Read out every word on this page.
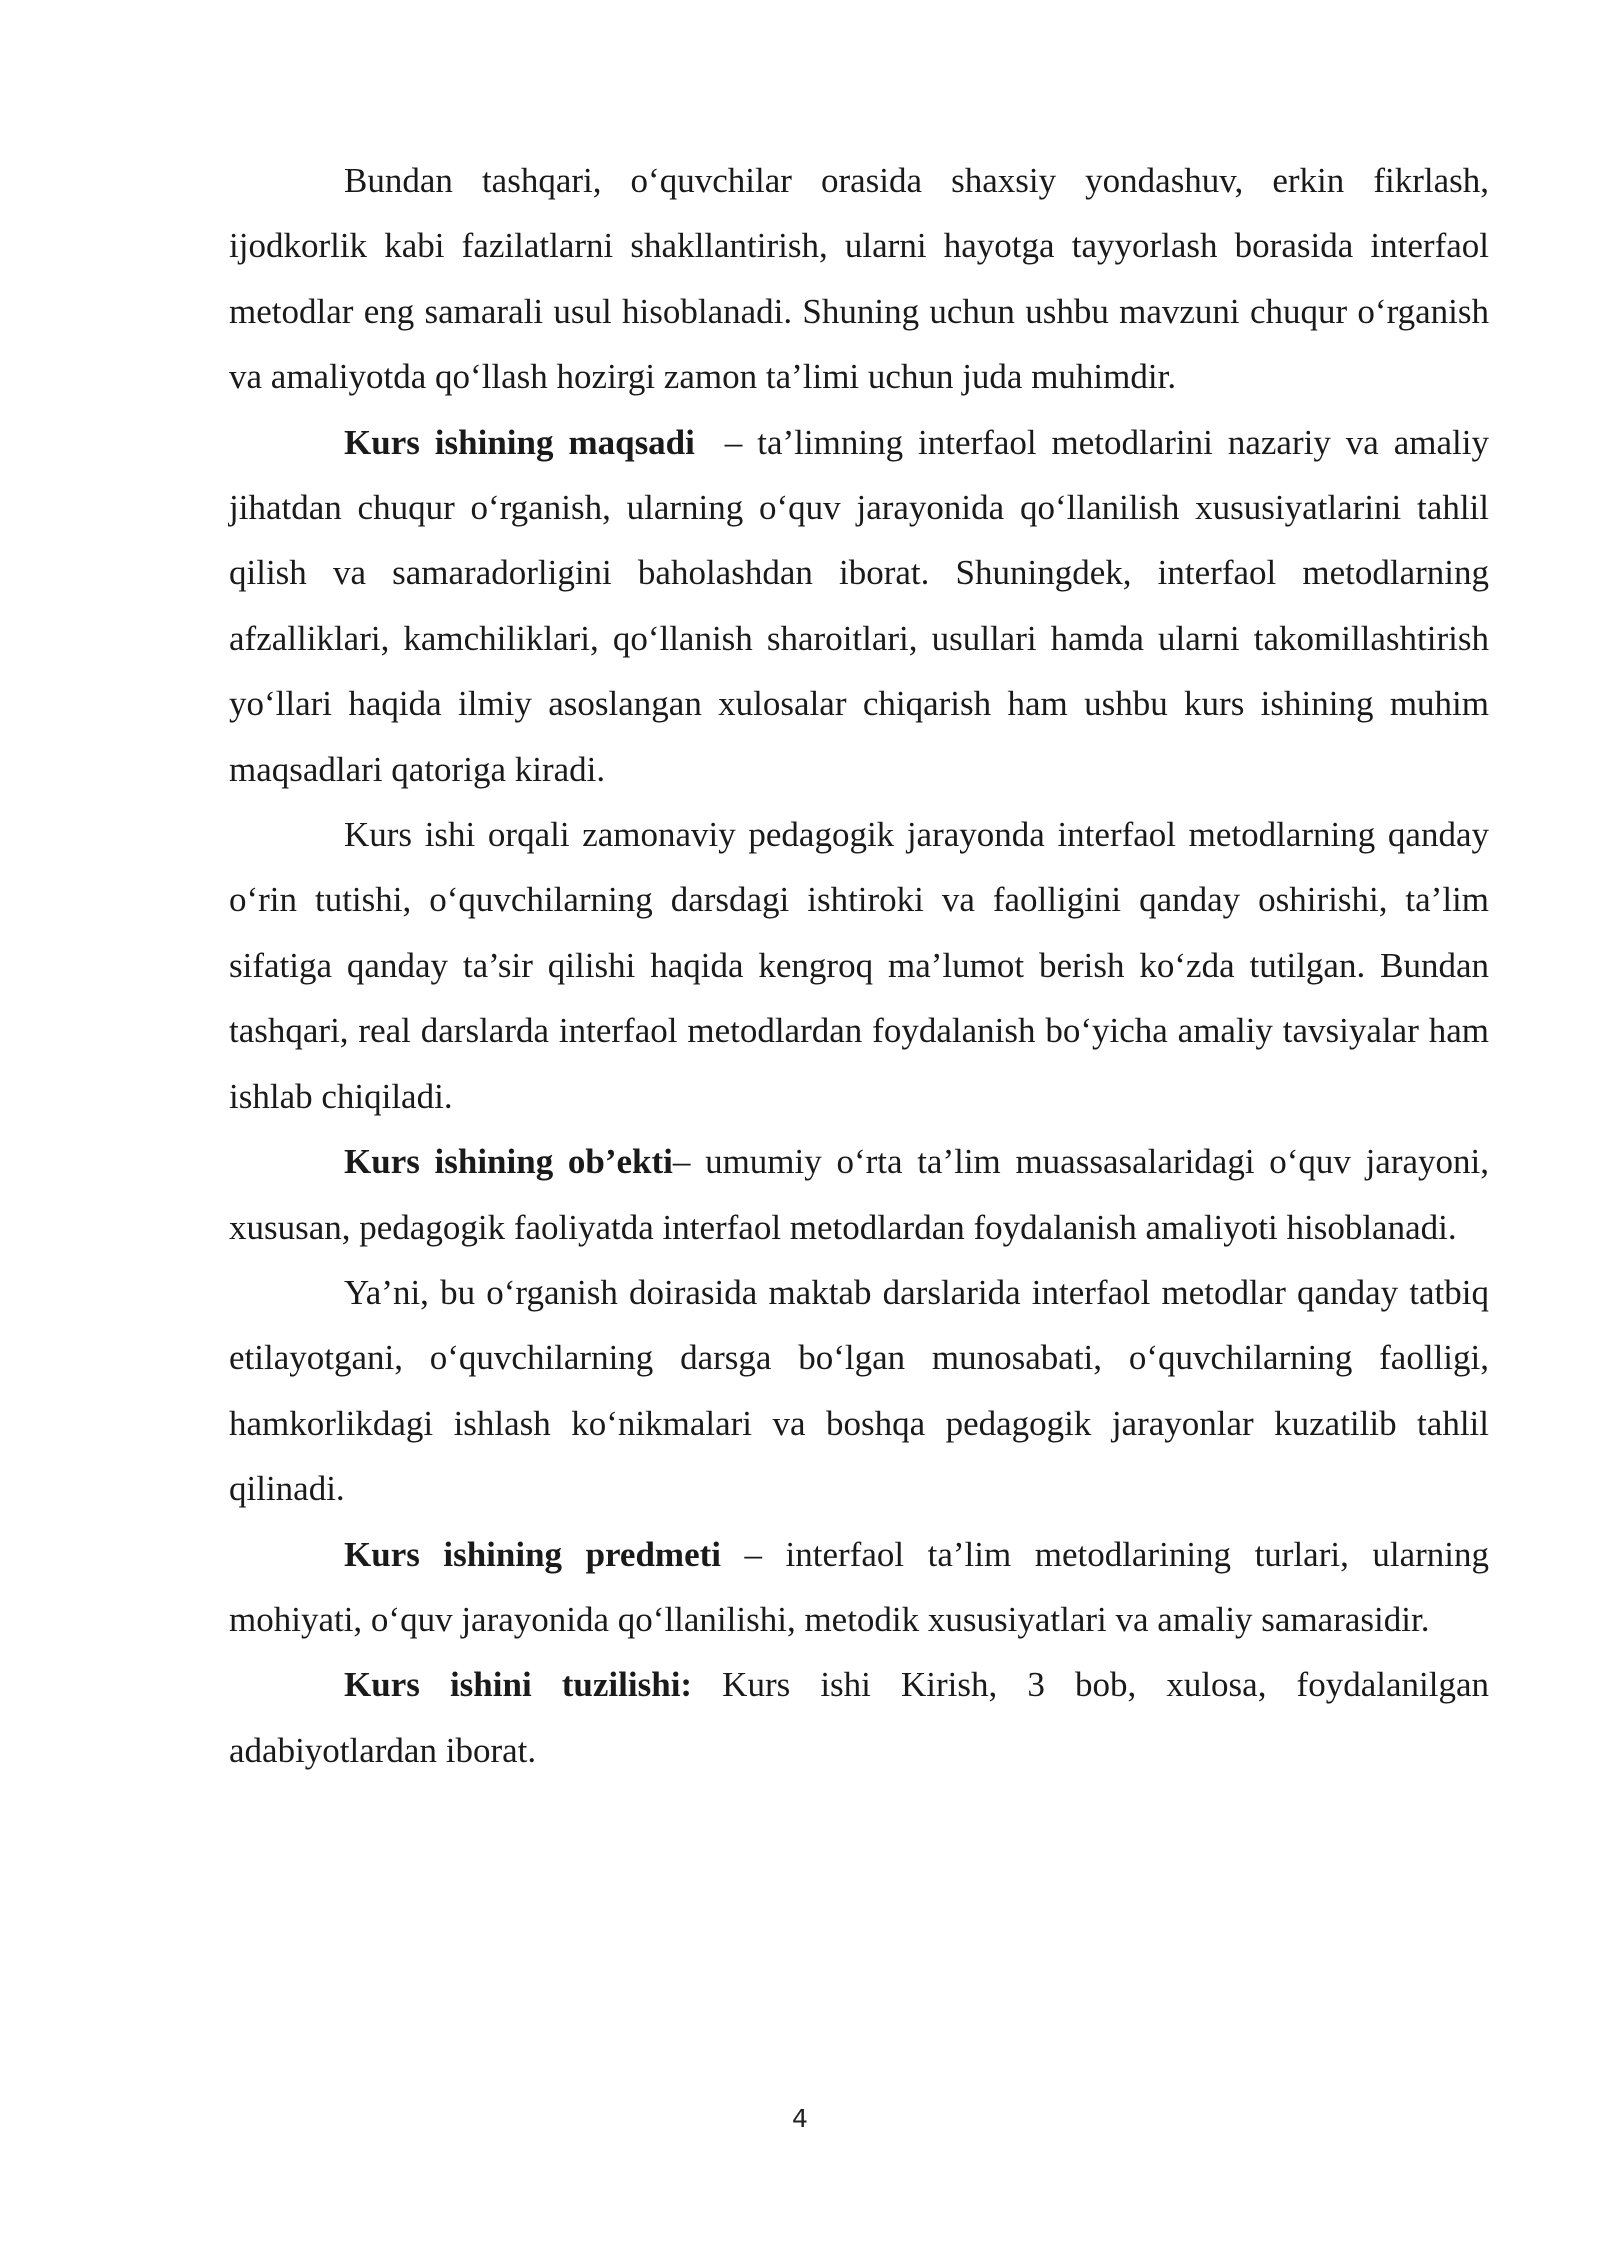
Bundan tashqari, o‘quvchilar orasida shaxsiy yondashuv, erkin fikrlash, ijodkorlik kabi fazilatlarni shakllantirish, ularni hayotga tayyorlash borasida interfaol metodlar eng samarali usul hisoblanadi. Shuning uchun ushbu mavzuni chuqur o‘rganish va amaliyotda qo‘llash hozirgi zamon ta’limi uchun juda muhimdir.

Kurs ishining maqsadi  – ta’limning interfaol metodlarini nazariy va amaliy jihatdan chuqur o‘rganish, ularning o‘quv jarayonida qo‘llanilish xususiyatlarini tahlil qilish va samaradorligini baholashdan iborat. Shuningdek, interfaol metodlarning afzalliklari, kamchiliklari, qo‘llanish sharoitlari, usullari hamda ularni takomillashtirish yo‘llari haqida ilmiy asoslangan xulosalar chiqarish ham ushbu kurs ishining muhim maqsadlari qatoriga kiradi.

Kurs ishi orqali zamonaviy pedagogik jarayonda interfaol metodlarning qanday o‘rin tutishi, o‘quvchilarning darsdagi ishtiroki va faolligini qanday oshirishi, ta’lim sifatiga qanday ta’sir qilishi haqida kengroq ma’lumot berish ko‘zda tutilgan. Bundan tashqari, real darslarda interfaol metodlardan foydalanish bo‘yicha amaliy tavsiyalar ham ishlab chiqiladi.

Kurs ishining ob’ekti– umumiy o‘rta ta’lim muassasalaridagi o‘quv jarayoni, xususan, pedagogik faoliyatda interfaol metodlardan foydalanish amaliyoti hisoblanadi.

Ya’ni, bu o‘rganish doirasida maktab darslarida interfaol metodlar qanday tatbiq etilayotgani, o‘quvchilarning darsga bo‘lgan munosabati, o‘quvchilarning faolligi, hamkorlikdagi ishlash ko‘nikmalari va boshqa pedagogik jarayonlar kuzatilib tahlil qilinadi.

Kurs ishining predmeti – interfaol ta’lim metodlarining turlari, ularning mohiyati, o‘quv jarayonida qo‘llanilishi, metodik xususiyatlari va amaliy samarasidir.

Kurs ishini tuzilishi: Kurs ishi Kirish, 3 bob, xulosa, foydalanilgan adabiyotlardan iborat.

4
